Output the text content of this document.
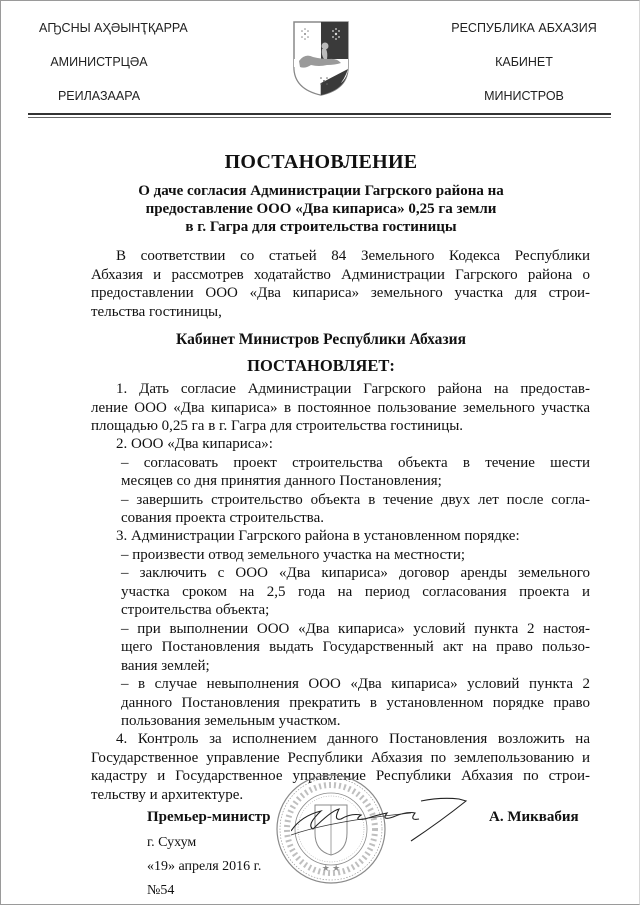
АҦСНЫ АҲӘЫНҬҚАРРА
АМИНИСТРЦӘА
РЕИЛАЗААРА
РЕСПУБЛИКА АБХАЗИЯ
КАБИНЕТ
МИНИСТРОВ
ПОСТАНОВЛЕНИЕ
О даче согласия Администрации Гагрского района на
предоставление ООО «Два кипариса» 0,25 га земли
в г. Гагра для строительства гостиницы
В соответствии со статьей 84 Земельного Кодекса Республики
Абхазия и рассмотрев ходатайство Администрации Гагрского района о
предоставлении ООО «Два кипариса» земельного участка для строи-
тельства гостиницы,
Кабинет Министров Республики Абхазия
ПОСТАНОВЛЯЕТ:
1. Дать согласие Администрации Гагрского района на предостав-
ление ООО «Два кипариса» в постоянное пользование земельного участка
площадью 0,25 га в г. Гагра для строительства гостиницы.
2. ООО «Два кипариса»:
– согласовать проект строительства объекта в течение шести
месяцев со дня принятия данного Постановления;
– завершить строительство объекта в течение двух лет после согла-
сования проекта строительства.
3. Администрации Гагрского района в установленном порядке:
– произвести отвод земельного участка на местности;
– заключить с ООО «Два кипариса» договор аренды земельного
участка сроком на 2,5 года на период согласования проекта и
строительства объекта;
– при выполнении ООО «Два кипариса» условий пункта 2 настоя-
щего Постановления выдать Государственный акт на право пользо-
вания землей;
– в случае невыполнения ООО «Два кипариса» условий пункта 2
данного Постановления прекратить в установленном порядке право
пользования земельным участком.
4. Контроль за исполнением данного Постановления возложить на
Государственное управление Республики Абхазия по землепользованию и
кадастру и Государственное управление Республики Абхазия по строи-
тельству и архитектуре.
★ ★
Премьер-министр	А. Миквабия
г. Сухум
«19» апреля 2016 г.
№54
